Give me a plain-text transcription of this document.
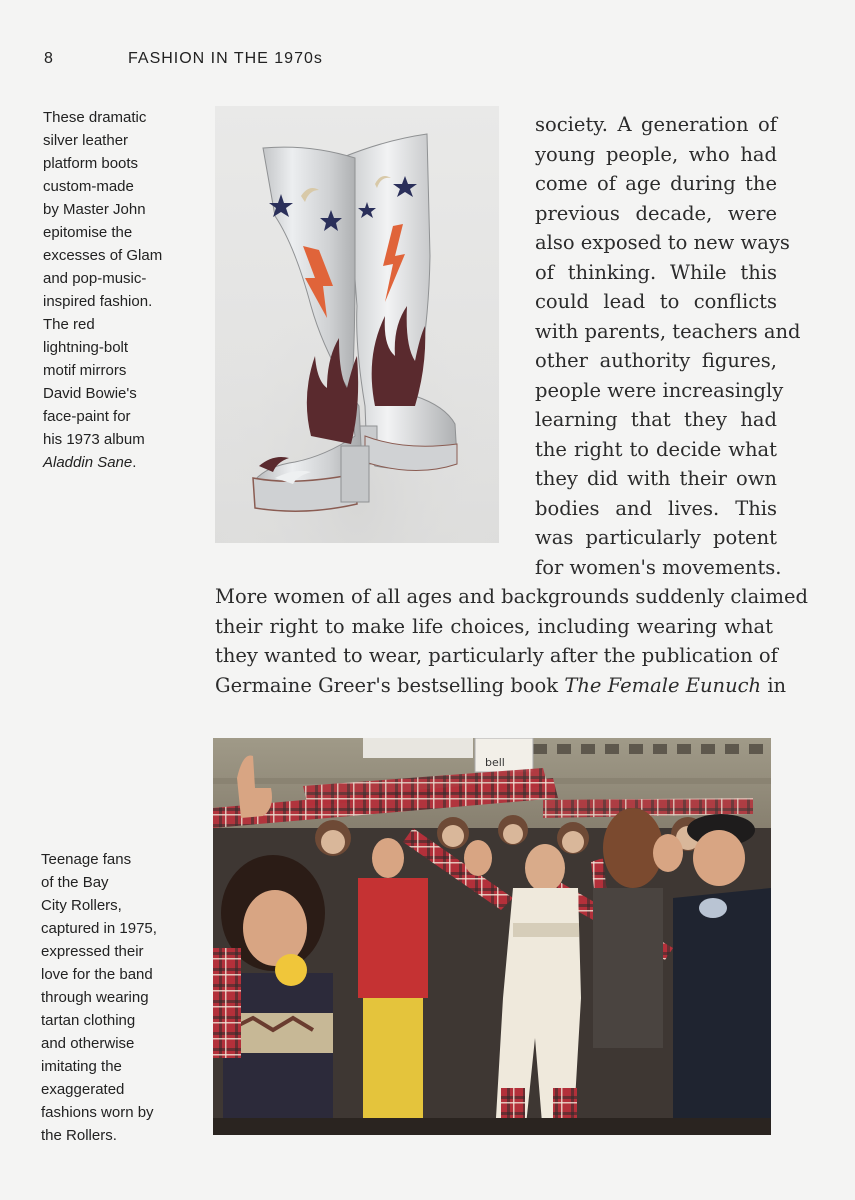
8	FASHION IN THE 1970s
These dramatic
silver leather
platform boots
custom-made
by Master John
epitomise the
excesses of Glam
and pop-music-
inspired fashion.
The red
lightning-bolt
motif mirrors
David Bowie's
face-paint for
his 1973 album
Aladdin Sane.
society. A generation of
young people, who had
come of age during the
previous decade, were
also exposed to new ways
of thinking. While this
could lead to conflicts
with parents, teachers and
other authority figures,
people were increasingly
learning that they had
the right to decide what
they did with their own
bodies and lives. This
was particularly potent
for women's movements.
More women of all ages and backgrounds suddenly claimed
their right to make life choices, including wearing what
they wanted to wear, particularly after the publication of
Germaine Greer's bestselling book The Female Eunuch in
bell
Teenage fans
of the Bay
City Rollers,
captured in 1975,
expressed their
love for the band
through wearing
tartan clothing
and otherwise
imitating the
exaggerated
fashions worn by
the Rollers.
